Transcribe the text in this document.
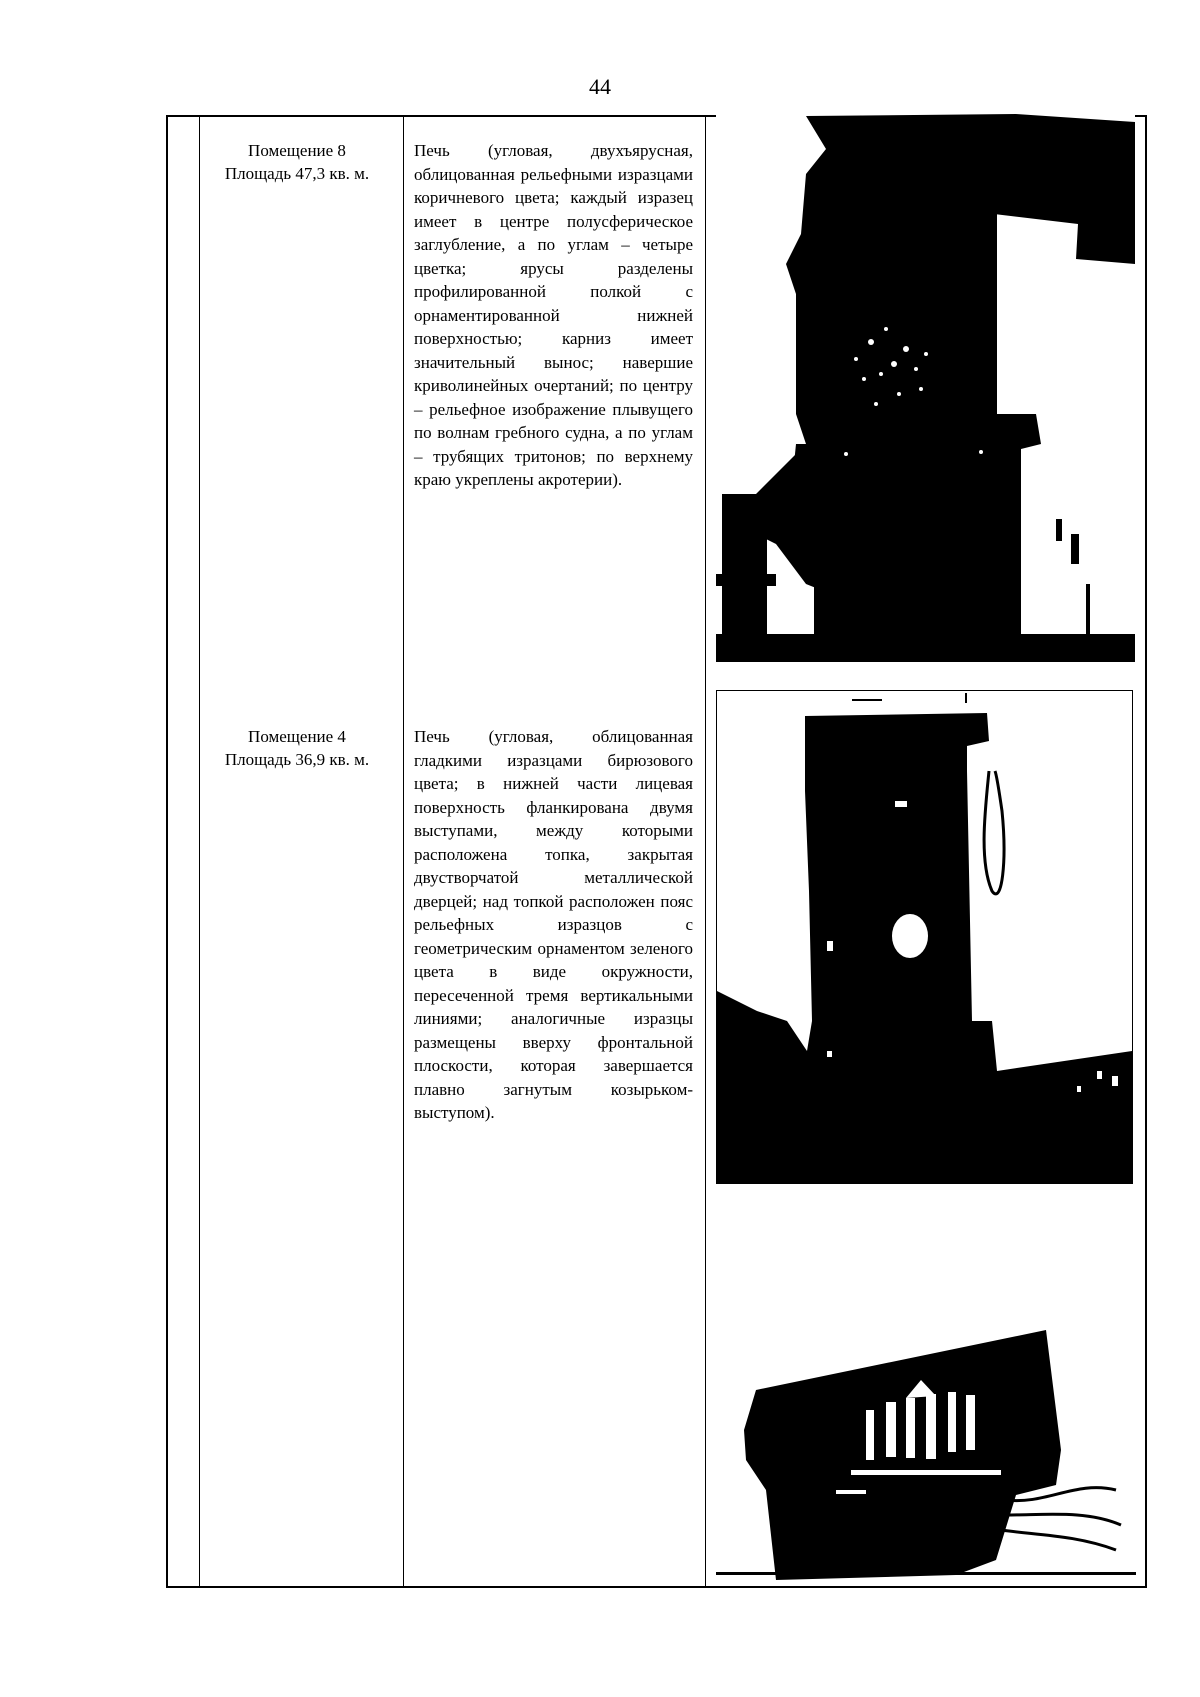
44
Помещение 8
Площадь 47,3 кв. м.
Печь (угловая, двухъярусная, облицованная рельефными изразцами коричневого цвета; каждый изразец имеет в центре полусферическое заглубление, а по углам – четыре цветка; ярусы разделены профилированной полкой с орнаментированной нижней поверхностью; карниз имеет значительный вынос; навершие криволинейных очертаний; по центру – рельефное изображение плывущего по волнам гребного судна, а по углам – трубящих тритонов; по верхнему краю укреплены акротерии).
Помещение 4
Площадь 36,9 кв. м.
Печь (угловая, облицованная гладкими изразцами бирюзового цвета; в нижней части лицевая поверхность фланкирована двумя выступами, между которыми расположена топка, закрытая двустворчатой металлической дверцей; над топкой расположен пояс рельефных изразцов с геометрическим орнаментом зеленого цвета в виде окружности, пересеченной тремя вертикальными линиями; аналогичные изразцы размещены вверху фронтальной плоскости, которая завершается плавно загнутым козырьком-выступом).
